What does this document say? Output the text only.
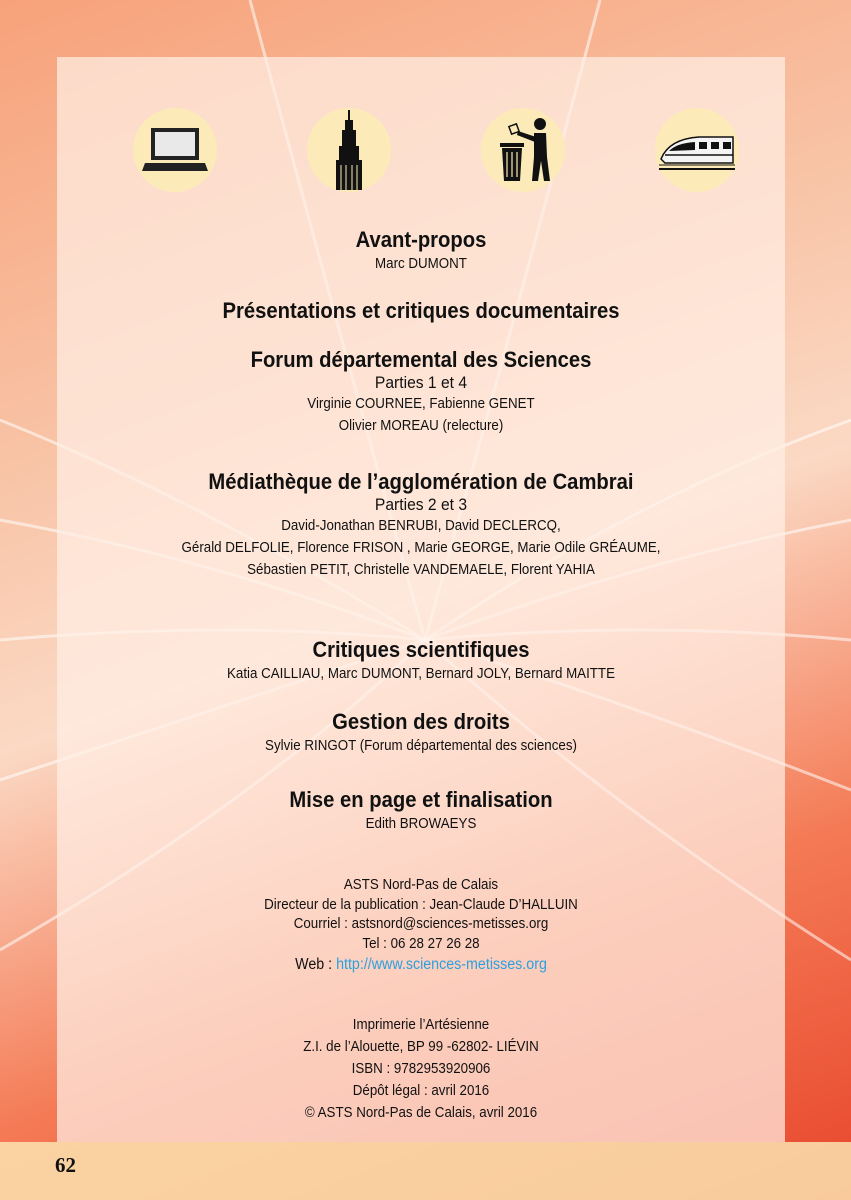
Avant-propos

Marc DUMONT

Présentations et critiques documentaires

Forum départemental des Sciences

Parties 1 et 4

Virginie COURNEE, Fabienne GENET

Olivier MOREAU (relecture)

Médiathèque de l’agglomération de Cambrai

Parties 2 et 3

David-Jonathan BENRUBI, David DECLERCQ,

Gérald DELFOLIE, Florence FRISON , Marie GEORGE, Marie Odile GRÉAUME,

Sébastien PETIT, Christelle VANDEMAELE, Florent YAHIA

Critiques scientifiques

Katia CAILLIAU, Marc DUMONT, Bernard JOLY, Bernard MAITTE

Gestion des droits

Sylvie RINGOT (Forum départemental des sciences)

Mise en page et finalisation

Edith BROWAEYS

ASTS Nord-Pas de Calais

Directeur de la publication : Jean-Claude D’HALLUIN

Courriel : astsnord@sciences-metisses.org

Tel : 06 28 27 26 28

Web : http://www.sciences-metisses.org

Imprimerie l’Artésienne

Z.I. de l’Alouette, BP 99 -62802- LIÉVIN

ISBN : 9782953920906

Dépôt légal : avril 2016

© ASTS Nord-Pas de Calais, avril 2016

62
